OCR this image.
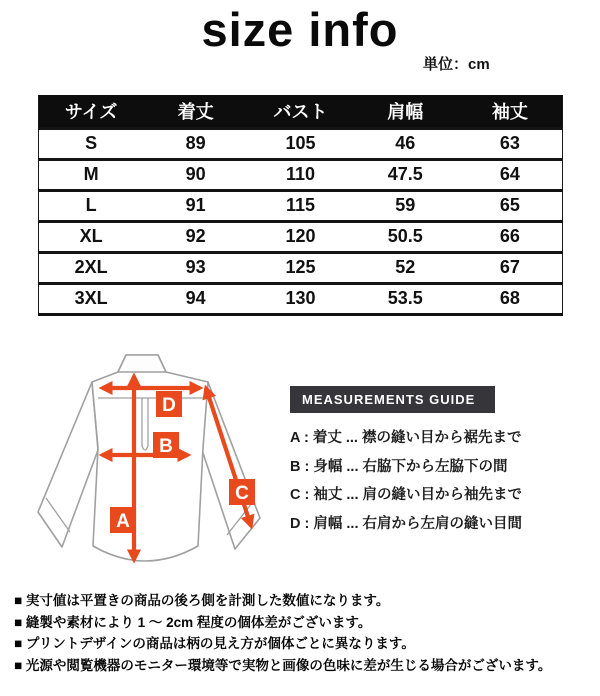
size info
単位：cm
サイズ	着丈	バスト	肩幅	袖丈
S	89	105	46	63
M	90	110	47.5	64
L	91	115	59	65
XL	92	120	50.5	66
2XL	93	125	52	67
3XL	94	130	53.5	68
D
B
A
C
MEASUREMENTS GUIDE
A : 着丈 ... 襟の縫い目から裾先まで
B : 身幅 ... 右脇下から左脇下の間
C : 袖丈 ... 肩の縫い目から袖先まで
D : 肩幅 ... 右肩から左肩の縫い目間
■ 実寸値は平置きの商品の後ろ側を計測した数値になります。
■ 縫製や素材により 1 ～ 2cm 程度の個体差がございます。
■ プリントデザインの商品は柄の見え方が個体ごとに異なります。
■ 光源や閲覧機器のモニター環境等で実物と画像の色味に差が生じる場合がございます。
